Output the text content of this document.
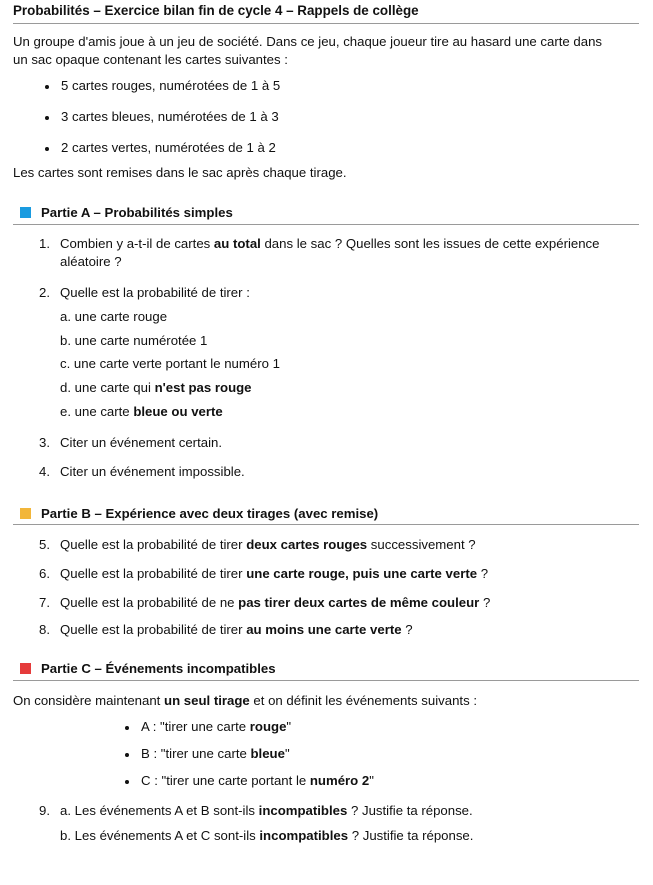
Probabilités – Exercice bilan fin de cycle 4 – Rappels de collège
Un groupe d'amis joue à un jeu de société. Dans ce jeu, chaque joueur tire au hasard une carte dans
un sac opaque contenant les cartes suivantes :
5 cartes rouges, numérotées de 1 à 5
3 cartes bleues, numérotées de 1 à 3
2 cartes vertes, numérotées de 1 à 2
Les cartes sont remises dans le sac après chaque tirage.
Partie A – Probabilités simples
1. Combien y a-t-il de cartes au total dans le sac ? Quelles sont les issues de cette expérience
aléatoire ?
2. Quelle est la probabilité de tirer :
a. une carte rouge
b. une carte numérotée 1
c. une carte verte portant le numéro 1
d. une carte qui n'est pas rouge
e. une carte bleue ou verte
3. Citer un événement certain.
4. Citer un événement impossible.
Partie B – Expérience avec deux tirages (avec remise)
5. Quelle est la probabilité de tirer deux cartes rouges successivement ?
6. Quelle est la probabilité de tirer une carte rouge, puis une carte verte ?
7. Quelle est la probabilité de ne pas tirer deux cartes de même couleur ?
8. Quelle est la probabilité de tirer au moins une carte verte ?
Partie C – Événements incompatibles
On considère maintenant un seul tirage et on définit les événements suivants :
A : "tirer une carte rouge"
B : "tirer une carte bleue"
C : "tirer une carte portant le numéro 2"
9. a. Les événements A et B sont-ils incompatibles ? Justifie ta réponse.
b. Les événements A et C sont-ils incompatibles ? Justifie ta réponse.
